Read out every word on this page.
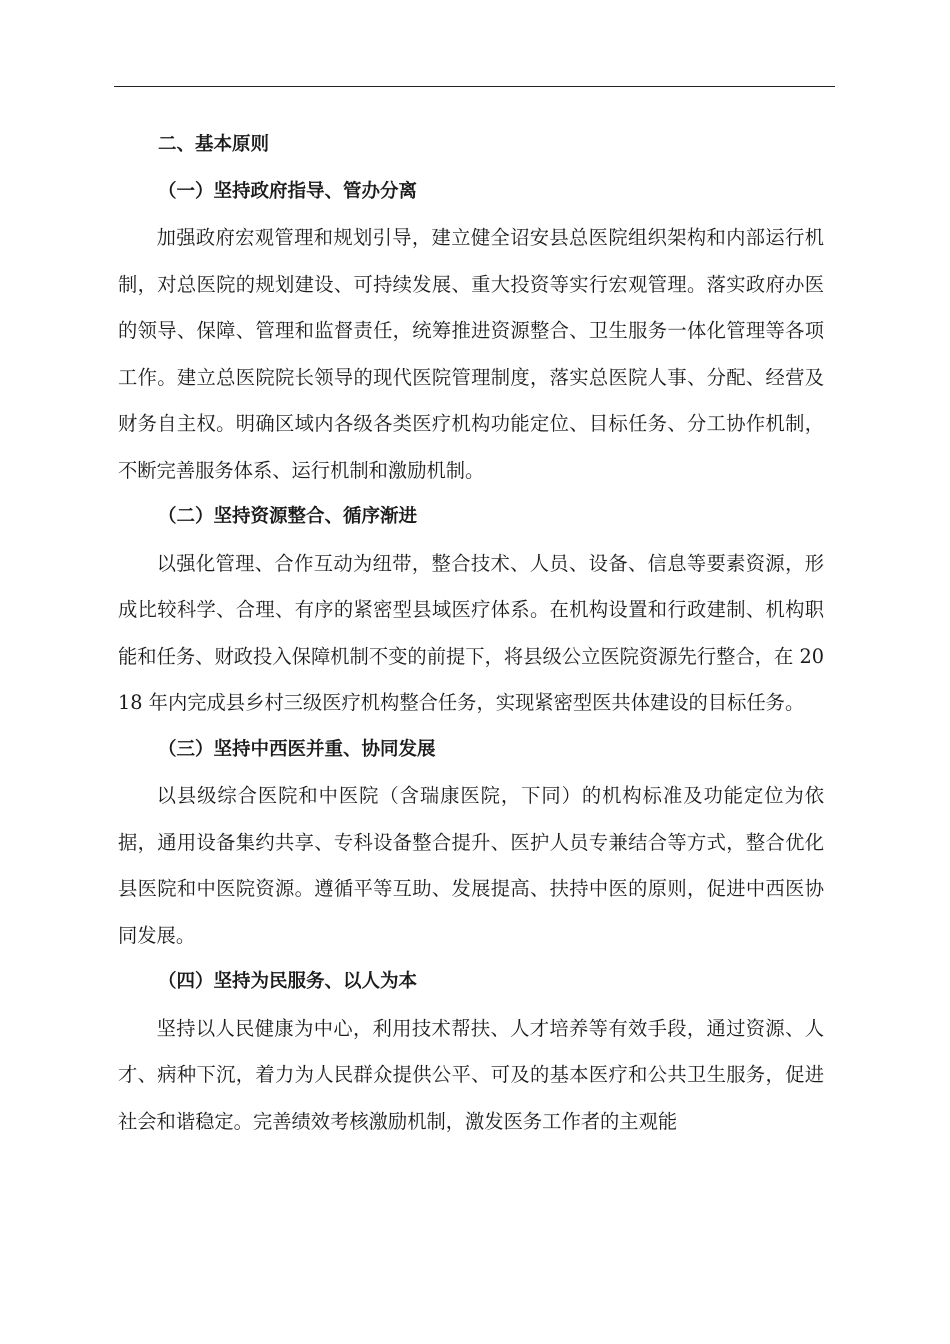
二、基本原则

（一）坚持政府指导、管办分离

加强政府宏观管理和规划引导，建立健全诏安县总医院组织架构和内部运行机制，对总医院的规划建设、可持续发展、重大投资等实行宏观管理。落实政府办医的领导、保障、管理和监督责任，统筹推进资源整合、卫生服务一体化管理等各项工作。建立总医院院长领导的现代医院管理制度，落实总医院人事、分配、经营及财务自主权。明确区域内各级各类医疗机构功能定位、目标任务、分工协作机制，不断完善服务体系、运行机制和激励机制。

（二）坚持资源整合、循序渐进

以强化管理、合作互动为纽带，整合技术、人员、设备、信息等要素资源，形成比较科学、合理、有序的紧密型县域医疗体系。在机构设置和行政建制、机构职能和任务、财政投入保障机制不变的前提下，将县级公立医院资源先行整合，在 2018 年内完成县乡村三级医疗机构整合任务，实现紧密型医共体建设的目标任务。

（三）坚持中西医并重、协同发展

以县级综合医院和中医院（含瑞康医院，下同）的机构标准及功能定位为依据，通用设备集约共享、专科设备整合提升、医护人员专兼结合等方式，整合优化县医院和中医院资源。遵循平等互助、发展提高、扶持中医的原则，促进中西医协同发展。

（四）坚持为民服务、以人为本

坚持以人民健康为中心，利用技术帮扶、人才培养等有效手段，通过资源、人才、病种下沉，着力为人民群众提供公平、可及的基本医疗和公共卫生服务，促进社会和谐稳定。完善绩效考核激励机制，激发医务工作者的主观能
